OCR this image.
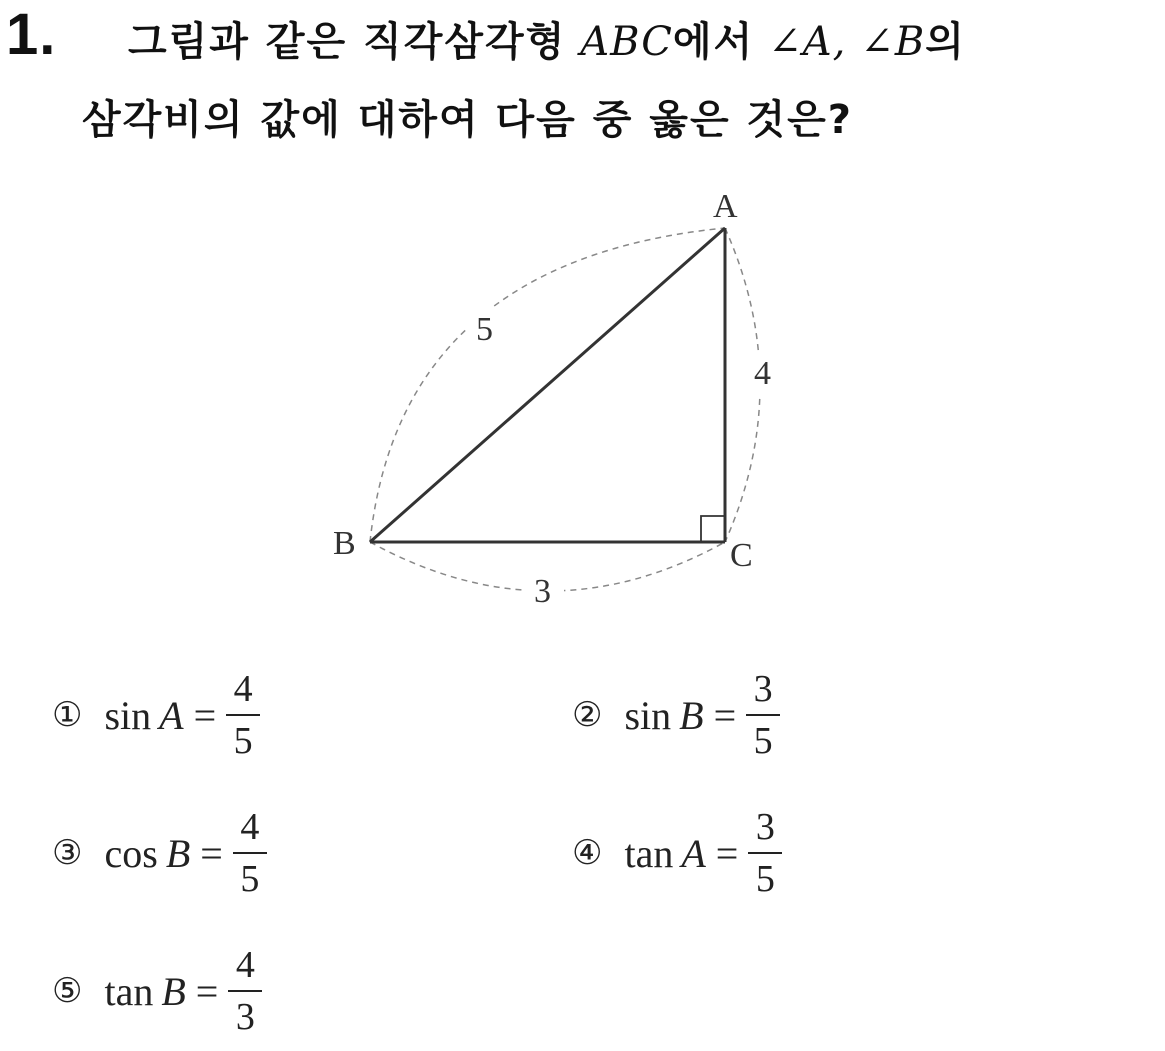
1. 그림과 같은 직각삼각형 ABC에서 ∠A, ∠B의
삼각비의 값에 대하여 다음 중 옳은 것은?
A
B	C
5
4
3
① $\sin A = \frac{4}{5}$	② $\sin B = \frac{3}{5}$
③ $\cos B = \frac{4}{5}$	④ $\tan A = \frac{3}{5}$
⑤ $\tan B = \frac{4}{3}$
